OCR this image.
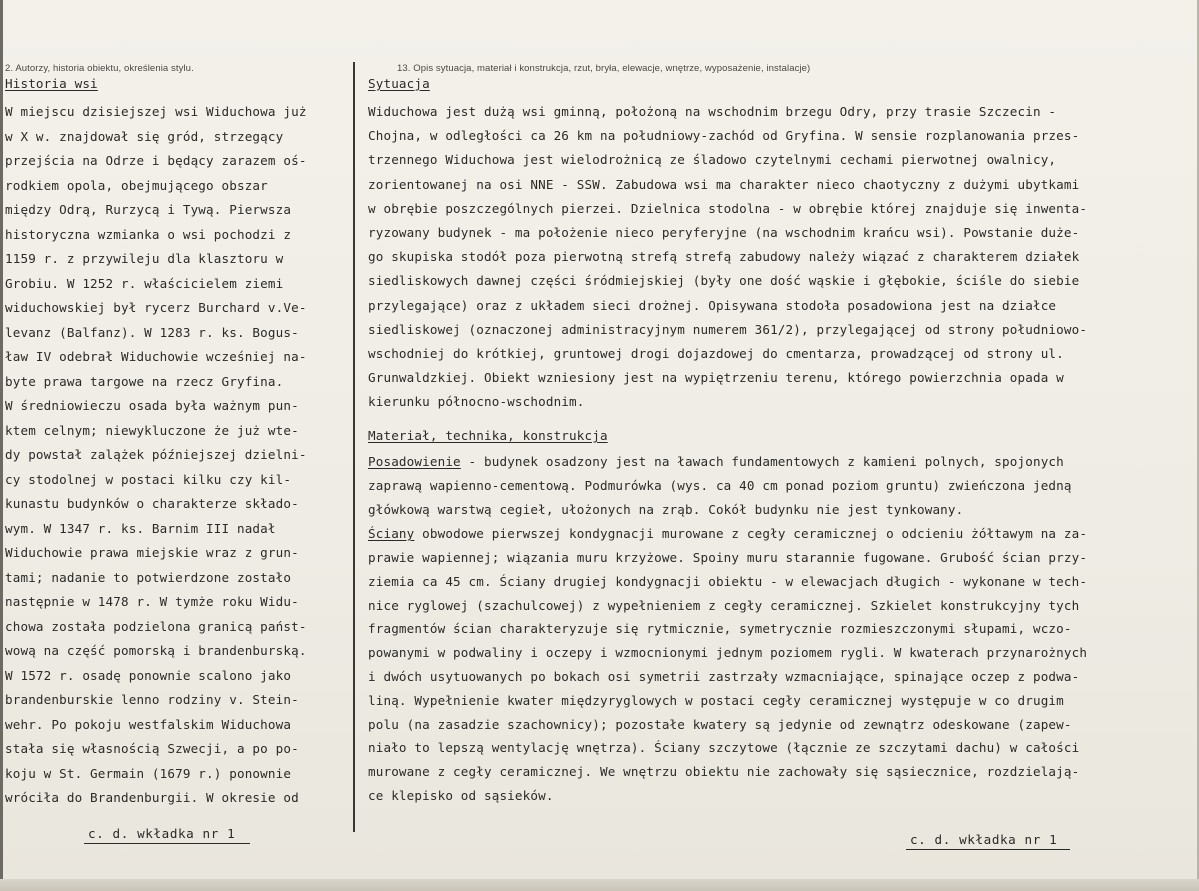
2. Autorzy, historia obiektu, określenia stylu.	13. Opis sytuacja, materiał i konstrukcja, rzut, bryła, elewacje, wnętrze, wyposażenie, instalacje)
Historia wsi
W miejscu dzisiejszej wsi Widuchowa już
w X w. znajdował się gród, strzegący
przejścia na Odrze i będący zarazem oś-
rodkiem opola, obejmującego obszar
między Odrą, Rurzycą i Tywą. Pierwsza
historyczna wzmianka o wsi pochodzi z
1159 r. z przywileju dla klasztoru w
Grobiu. W 1252 r. właścicielem ziemi
widuchowskiej był rycerz Burchard v.Ve-
levanz (Balfanz). W 1283 r. ks. Bogus-
ław IV odebrał Widuchowie wcześniej na-
byte prawa targowe na rzecz Gryfina.
W średniowieczu osada była ważnym pun-
ktem celnym; niewykluczone że już wte-
dy powstał zalążek późniejszej dzielni-
cy stodolnej w postaci kilku czy kil-
kunastu budynków o charakterze składo-
wym. W 1347 r. ks. Barnim III nadał
Widuchowie prawa miejskie wraz z grun-
tami; nadanie to potwierdzone zostało
następnie w 1478 r. W tymże roku Widu-
chowa została podzielona granicą państ-
wową na część pomorską i brandenburską.
W 1572 r. osadę ponownie scalono jako
brandenburskie lenno rodziny v. Stein-
wehr. Po pokoju westfalskim Widuchowa
stała się własnością Szwecji, a po po-
koju w St. Germain (1679 r.) ponownie
wróciła do Brandenburgii. W okresie od
c. d. wkładka nr 1
Sytuacja
Widuchowa jest dużą wsi gminną, położoną na wschodnim brzegu Odry, przy trasie Szczecin -
Chojna, w odległości ca 26 km na południowy-zachód od Gryfina. W sensie rozplanowania przes-
trzennego Widuchowa jest wielodrożnicą ze śladowo czytelnymi cechami pierwotnej owalnicy,
zorientowanej na osi NNE - SSW. Zabudowa wsi ma charakter nieco chaotyczny z dużymi ubytkami
w obrębie poszczególnych pierzei. Dzielnica stodolna - w obrębie której znajduje się inwenta-
ryzowany budynek - ma położenie nieco peryferyjne (na wschodnim krańcu wsi). Powstanie duże-
go skupiska stodół poza pierwotną strefą strefą zabudowy należy wiązać z charakterem działek
siedliskowych dawnej części śródmiejskiej (były one dość wąskie i głębokie, ściśle do siebie
przylegające) oraz z układem sieci drożnej. Opisywana stodoła posadowiona jest na działce
siedliskowej (oznaczonej administracyjnym numerem 361/2), przylegającej od strony południowo-
wschodniej do krótkiej, gruntowej drogi dojazdowej do cmentarza, prowadzącej od strony ul.
Grunwaldzkiej. Obiekt wzniesiony jest na wypiętrzeniu terenu, którego powierzchnia opada w
kierunku północno-wschodnim.
Materiał, technika, konstrukcja
Posadowienie - budynek osadzony jest na ławach fundamentowych z kamieni polnych, spojonych
zaprawą wapienno-cementową. Podmurówka (wys. ca 40 cm ponad poziom gruntu) zwieńczona jedną
główkową warstwą cegieł, ułożonych na zrąb. Cokół budynku nie jest tynkowany.
Ściany obwodowe pierwszej kondygnacji murowane z cegły ceramicznej o odcieniu żółtawym na za-
prawie wapiennej; wiązania muru krzyżowe. Spoiny muru starannie fugowane. Grubość ścian przy-
ziemia ca 45 cm. Ściany drugiej kondygnacji obiektu - w elewacjach długich - wykonane w tech-
nice ryglowej (szachulcowej) z wypełnieniem z cegły ceramicznej. Szkielet konstrukcyjny tych
fragmentów ścian charakteryzuje się rytmicznie, symetrycznie rozmieszczonymi słupami, wczo-
powanymi w podwaliny i oczepy i wzmocnionymi jednym poziomem rygli. W kwaterach przynarożnych
i dwóch usytuowanych po bokach osi symetrii zastrzały wzmacniające, spinające oczep z podwa-
liną. Wypełnienie kwater międzyryglowych w postaci cegły ceramicznej występuje w co drugim
polu (na zasadzie szachownicy); pozostałe kwatery są jedynie od zewnątrz odeskowane (zapew-
niało to lepszą wentylację wnętrza). Ściany szczytowe (łącznie ze szczytami dachu) w całości
murowane z cegły ceramicznej. We wnętrzu obiektu nie zachowały się sąsiecznice, rozdzielają-
ce klepisko od sąsieków.
c. d. wkładka nr 1
